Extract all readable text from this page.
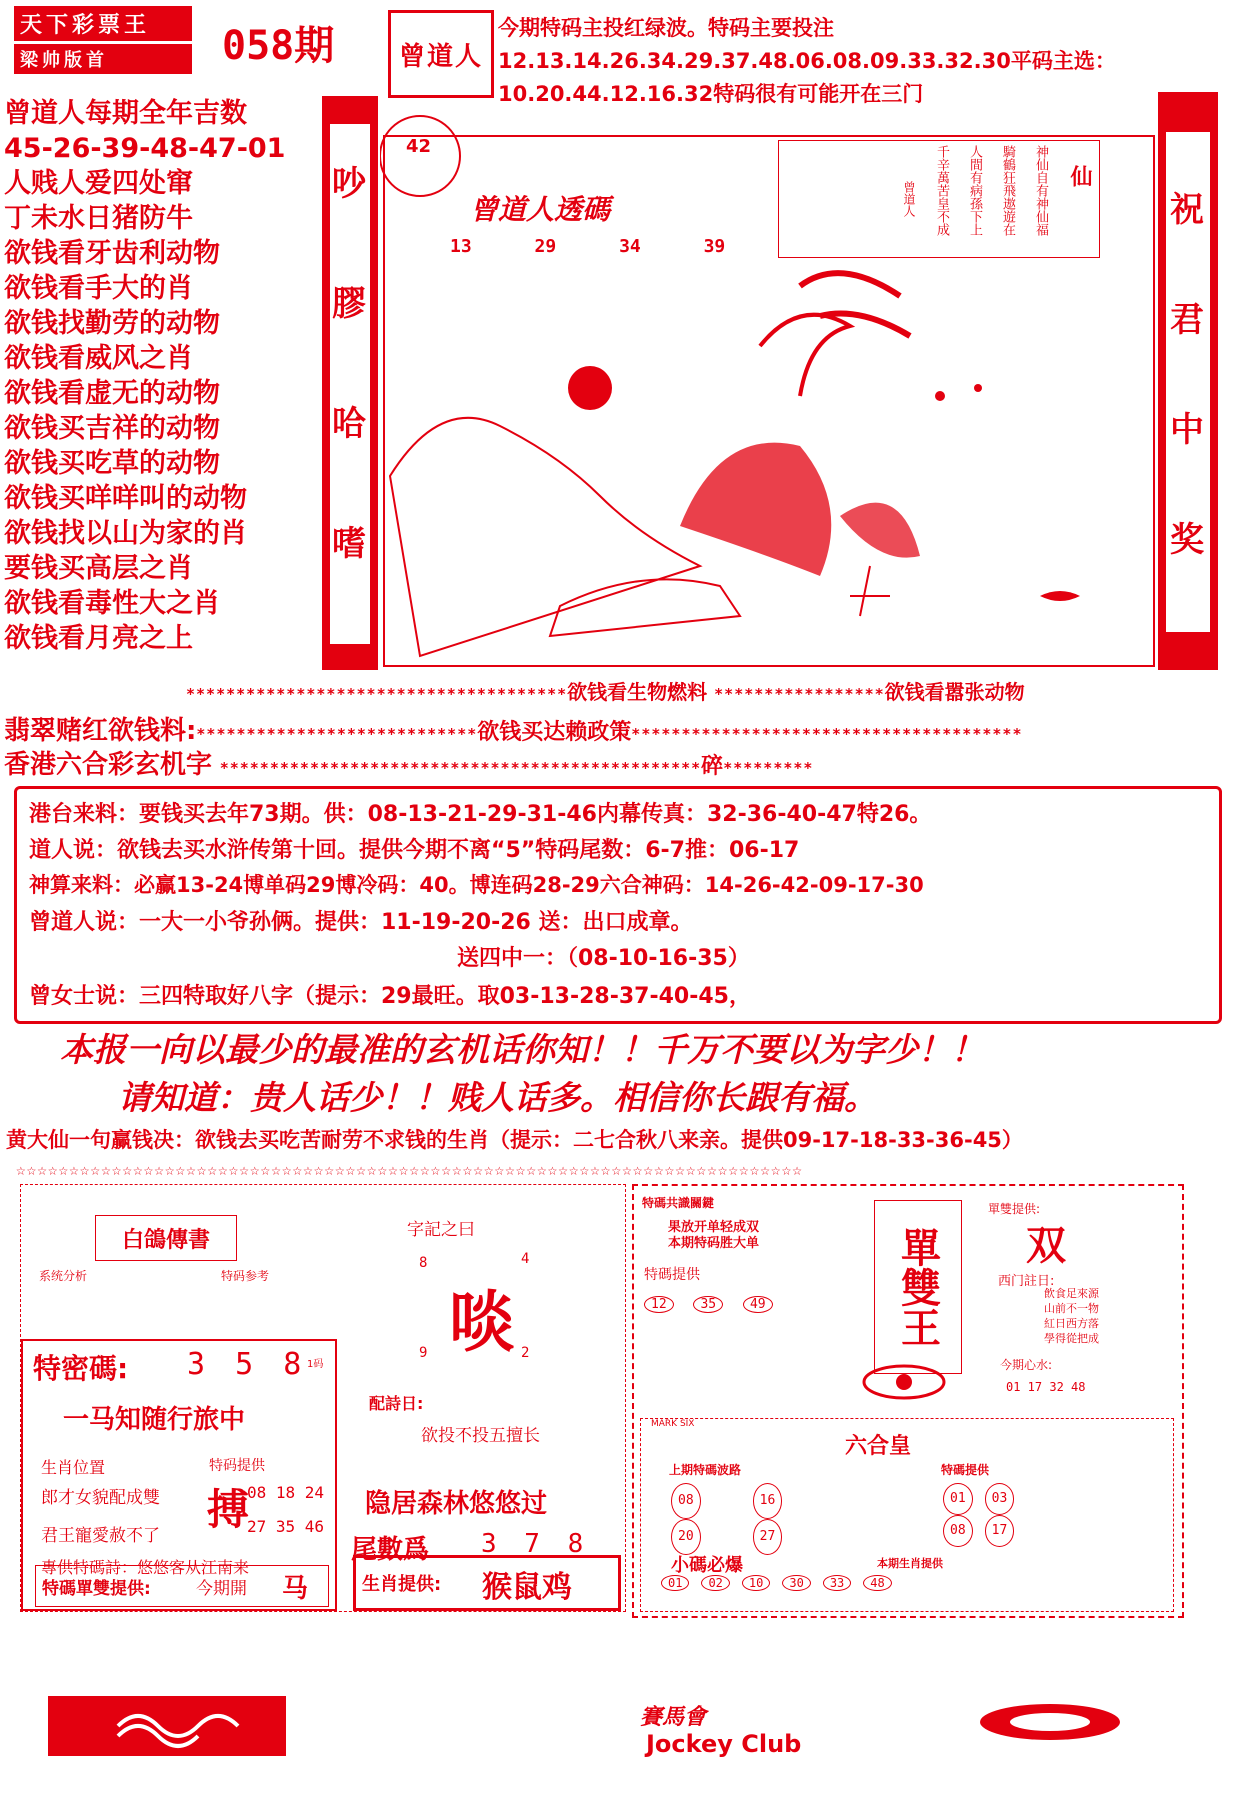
天下彩票王
梁帅版首	058期 曾道人
今期特码主投红绿波。特码主要投注12.13.14.26.34.29.37.48.06.08.09.33.32.30平码主选：10.20.44.12.16.32特码很有可能开在三门
曾道人每期全年吉数
45-26-39-48-47-01
人贱人爱四处窜
丁未水日猪防牛
欲钱看牙齿利动物
欲钱看手大的肖
欲钱找勤劳的动物
欲钱看威风之肖
欲钱看虚无的动物
欲钱买吉祥的动物
欲钱买吃草的动物
欲钱买咩咩叫的动物
欲钱找以山为家的肖
要钱买高层之肖
欲钱看毒性大之肖
欲钱看月亮之上
吵
膠
哈
嗜
42
曾道人透碼
13	29	34	39
仙
神仙自有神仙福
騎鶴狂飛遨遊在
人間有病孫下上
千辛萬苦皇不成
曾道人	祝
君
中
奖
**************************************欲钱看生物燃料 *****************欲钱看嚣张动物
翡翠赌红欲钱料:****************************欲钱买达赖政策***************************************
香港六合彩玄机字 ************************************************碎*********
港台来料：要钱买去年73期。供：08-13-21-29-31-46内幕传真：32-36-40-47特26。
道人说：欲钱去买水浒传第十回。提供今期不离“5”特码尾数：6-7推：06-17
神算来料：必赢13-24博单码29博冷码：40。博连码28-29六合神码：14-26-42-09-17-30
曾道人说：一大一小爷孙俩。提供：11-19-20-26 送：出口成章。
送四中一：（08-10-16-35）
曾女士说：三四特取好八字（提示：29最旺。取03-13-28-37-40-45，
本报一向以最少的最准的玄机话你知！！千万不要以为字少！！
请知道：贵人话少！！贱人话多。相信你长跟有福。
黄大仙一句赢钱决：欲钱去买吃苦耐劳不求钱的生肖（提示：二七合秋八来亲。提供09-17-18-33-36-45）
☆☆☆☆☆☆☆☆☆☆☆☆☆☆☆☆☆☆☆☆☆☆☆☆☆☆☆☆☆☆☆☆☆☆☆☆☆☆☆☆☆☆☆☆☆☆☆☆☆☆☆☆☆☆☆☆☆☆☆☆☆☆☆☆☆☆☆☆☆☆☆☆☆☆
白鴿傳書
系统分析	特码参考
字記之曰
8	4
啖
9	2
特密碼: 3 5 8 1码
一马知随行旅中
生肖位置
郎才女貌配成雙
君王寵愛赦不了
特码提供
搏
08 18 24
27 35 46
專供特碼詩：悠悠客从江南来
配詩日:
欲投不投五擅长
隐居森林悠悠过
尾數爲 3 7 8
特碼單雙提供:	今期開 马	生肖提供: 猴鼠鸡
特碼共識關鍵
果放开单轻成双
本期特码胜大单
特碼提供
12	35	49	單雙王
單雙提供:
双
西门註日:
飲食足來源
山前不一物
紅日西方落
學得從把成
今期心水:
01 17 32 48
MARK SIX
六合皇
上期特碼波路
08	16
20	27
特碼提供
01 03
08 17
小碼必爆
01 02 10 30 33 48
本期生肖提供
賽馬會
Jockey Club
